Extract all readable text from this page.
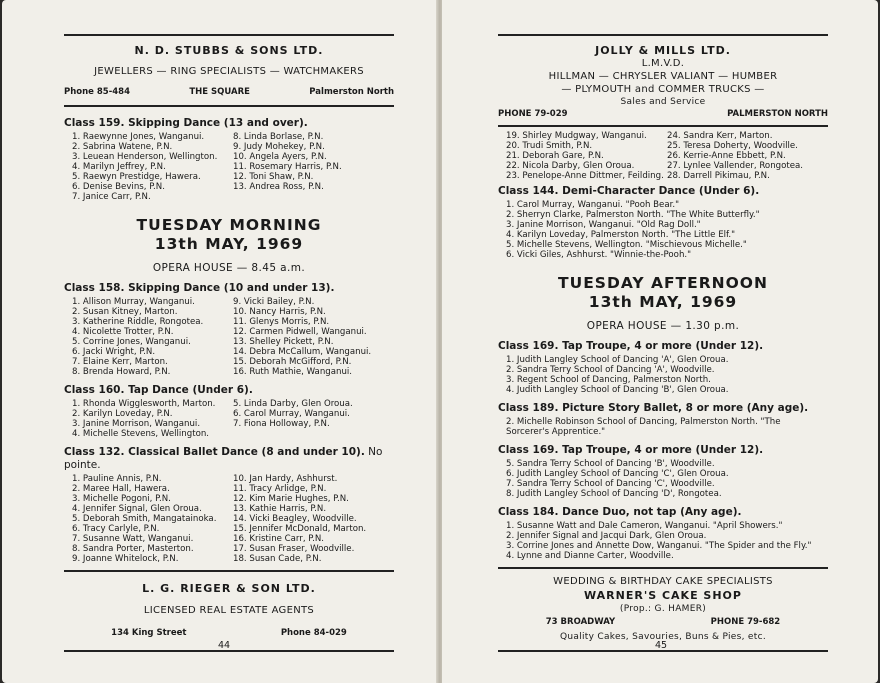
N. D. STUBBS & SONS LTD.
JEWELLERS — RING SPECIALISTS — WATCHMAKERS
Phone 85-484	THE SQUARE	Palmerston North
Class 159. Skipping Dance (13 and over).
1. Raewynne Jones, Wanganui.
2. Sabrina Watene, P.N.
3. Leuean Henderson, Wellington.
4. Marilyn Jeffrey, P.N.
5. Raewyn Prestidge, Hawera.
6. Denise Bevins, P.N.
7. Janice Carr, P.N.
8. Linda Borlase, P.N.
9. Judy Mohekey, P.N.
10. Angela Ayers, P.N.
11. Rosemary Harris, P.N.
12. Toni Shaw, P.N.
13. Andrea Ross, P.N.
TUESDAY MORNING
13th MAY, 1969
OPERA HOUSE — 8.45 a.m.
Class 158. Skipping Dance (10 and under 13).
1. Allison Murray, Wanganui.
2. Susan Kitney, Marton.
3. Katherine Riddle, Rongotea.
4. Nicolette Trotter, P.N.
5. Corrine Jones, Wanganui.
6. Jacki Wright, P.N.
7. Elaine Kerr, Marton.
8. Brenda Howard, P.N.
9. Vicki Bailey, P.N.
10. Nancy Harris, P.N.
11. Glenys Morris, P.N.
12. Carmen Pidwell, Wanganui.
13. Shelley Pickett, P.N.
14. Debra McCallum, Wanganui.
15. Deborah McGifford, P.N.
16. Ruth Mathie, Wanganui.
Class 160. Tap Dance (Under 6).
1. Rhonda Wigglesworth, Marton.
2. Karilyn Loveday, P.N.
3. Janine Morrison, Wanganui.
4. Michelle Stevens, Wellington.
5. Linda Darby, Glen Oroua.
6. Carol Murray, Wanganui.
7. Fiona Holloway, P.N.
Class 132. Classical Ballet Dance (8 and under 10). No pointe.
1. Pauline Annis, P.N.
2. Maree Hall, Hawera.
3. Michelle Pogoni, P.N.
4. Jennifer Signal, Glen Oroua.
5. Deborah Smith, Mangatainoka.
6. Tracy Carlyle, P.N.
7. Susanne Watt, Wanganui.
8. Sandra Porter, Masterton.
9. Joanne Whitelock, P.N.
10. Jan Hardy, Ashhurst.
11. Tracy Arlidge, P.N.
12. Kim Marie Hughes, P.N.
13. Kathie Harris, P.N.
14. Vicki Beagley, Woodville.
15. Jennifer McDonald, Marton.
16. Kristine Carr, P.N.
17. Susan Fraser, Woodville.
18. Susan Cade, P.N.
L. G. RIEGER & SON LTD.
LICENSED REAL ESTATE AGENTS
134 King Street	Phone 84-029
44
JOLLY & MILLS LTD.
L.M.V.D.
HILLMAN — CHRYSLER VALIANT — HUMBER
— PLYMOUTH and COMMER TRUCKS —
Sales and Service
PHONE 79-029	PALMERSTON NORTH
19. Shirley Mudgway, Wanganui.
20. Trudi Smith, P.N.
21. Deborah Gare, P.N.
22. Nicola Darby, Glen Oroua.
23. Penelope-Anne Dittmer, Feilding.
24. Sandra Kerr, Marton.
25. Teresa Doherty, Woodville.
26. Kerrie-Anne Ebbett, P.N.
27. Lynlee Vallender, Rongotea.
28. Darrell Pikimau, P.N.
Class 144. Demi-Character Dance (Under 6).
1. Carol Murray, Wanganui. "Pooh Bear."
2. Sherryn Clarke, Palmerston North. "The White Butterfly."
3. Janine Morrison, Wanganui. "Old Rag Doll."
4. Karilyn Loveday, Palmerston North. "The Little Elf."
5. Michelle Stevens, Wellington. "Mischievous Michelle."
6. Vicki Giles, Ashhurst. "Winnie-the-Pooh."
TUESDAY AFTERNOON
13th MAY, 1969
OPERA HOUSE — 1.30 p.m.
Class 169. Tap Troupe, 4 or more (Under 12).
1. Judith Langley School of Dancing 'A', Glen Oroua.
2. Sandra Terry School of Dancing 'A', Woodville.
3. Regent School of Dancing, Palmerston North.
4. Judith Langley School of Dancing 'B', Glen Oroua.
Class 189. Picture Story Ballet, 8 or more (Any age).
2. Michelle Robinson School of Dancing, Palmerston North. "The
Sorcerer's Apprentice."
Class 169. Tap Troupe, 4 or more (Under 12).
5. Sandra Terry School of Dancing 'B', Woodville.
6. Judith Langley School of Dancing 'C', Glen Oroua.
7. Sandra Terry School of Dancing 'C', Woodville.
8. Judith Langley School of Dancing 'D', Rongotea.
Class 184. Dance Duo, not tap (Any age).
1. Susanne Watt and Dale Cameron, Wanganui. "April Showers."
2. Jennifer Signal and Jacqui Dark, Glen Oroua.
3. Corrine Jones and Annette Dow, Wanganui. "The Spider and the Fly."
4. Lynne and Dianne Carter, Woodville.
WEDDING & BIRTHDAY CAKE SPECIALISTS
WARNER'S CAKE SHOP
(Prop.: G. HAMER)
73 BROADWAY	PHONE 79-682
Quality Cakes, Savouries, Buns & Pies, etc.
45
